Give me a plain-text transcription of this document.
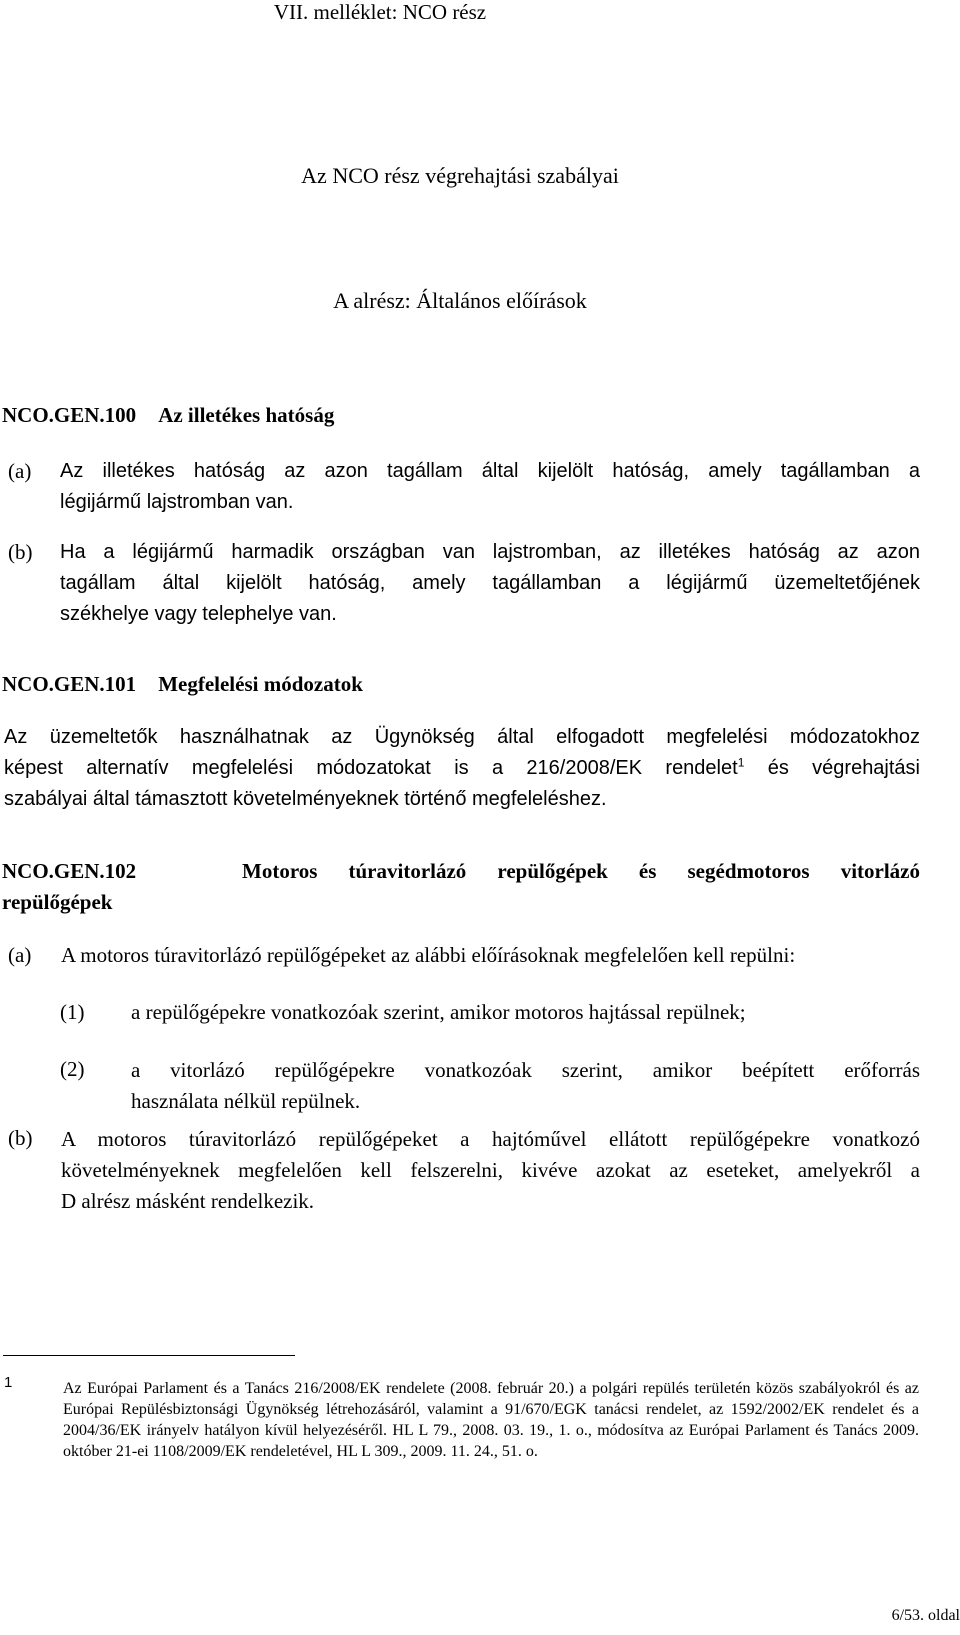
VII. melléklet: NCO rész
Az NCO rész végrehajtási szabályai
A alrész: Általános előírások
NCO.GEN.100 Az illetékes hatóság
(a) Az illetékes hatóság az azon tagállam által kijelölt hatóság, amely tagállamban a
légijármű lajstromban van.
(b) Ha a légijármű harmadik országban van lajstromban, az illetékes hatóság az azon
tagállam által kijelölt hatóság, amely tagállamban a légijármű üzemeltetőjének
székhelye vagy telephelye van.
NCO.GEN.101 Megfelelési módozatok
Az üzemeltetők használhatnak az Ügynökség által elfogadott megfelelési módozatokhoz
képest alternatív megfelelési módozatokat is a 216/2008/EK rendelet$^1$ és végrehajtási
szabályai által támasztott követelményeknek történő megfeleléshez.
NCO.GEN.102	Motoros túravitorlázó repülőgépek és segédmotoros vitorlázó
repülőgépek
(a) A motoros túravitorlázó repülőgépeket az alábbi előírásoknak megfelelően kell repülni:
(1) a repülőgépekre vonatkozóak szerint, amikor motoros hajtással repülnek;
(2) a vitorlázó repülőgépekre vonatkozóak szerint, amikor beépített erőforrás
használata nélkül repülnek.
(b) A motoros túravitorlázó repülőgépeket a hajtóművel ellátott repülőgépekre vonatkozó
követelményeknek megfelelően kell felszerelni, kivéve azokat az eseteket, amelyekről a
D alrész másként rendelkezik.
1	Az Európai Parlament és a Tanács 216/2008/EK rendelete (2008. február 20.) a polgári repülés területén közös szabályokról és az Európai Repülésbiztonsági Ügynökség létrehozásáról, valamint a 91/670/EGK tanácsi rendelet, az 1592/2002/EK rendelet és a 2004/36/EK irányelv hatályon kívül helyezéséről. HL L 79., 2008. 03. 19., 1. o., módosítva az Európai Parlament és Tanács 2009. október 21-ei 1108/2009/EK rendeletével, HL L 309., 2009. 11. 24., 51. o.
6/53. oldal
